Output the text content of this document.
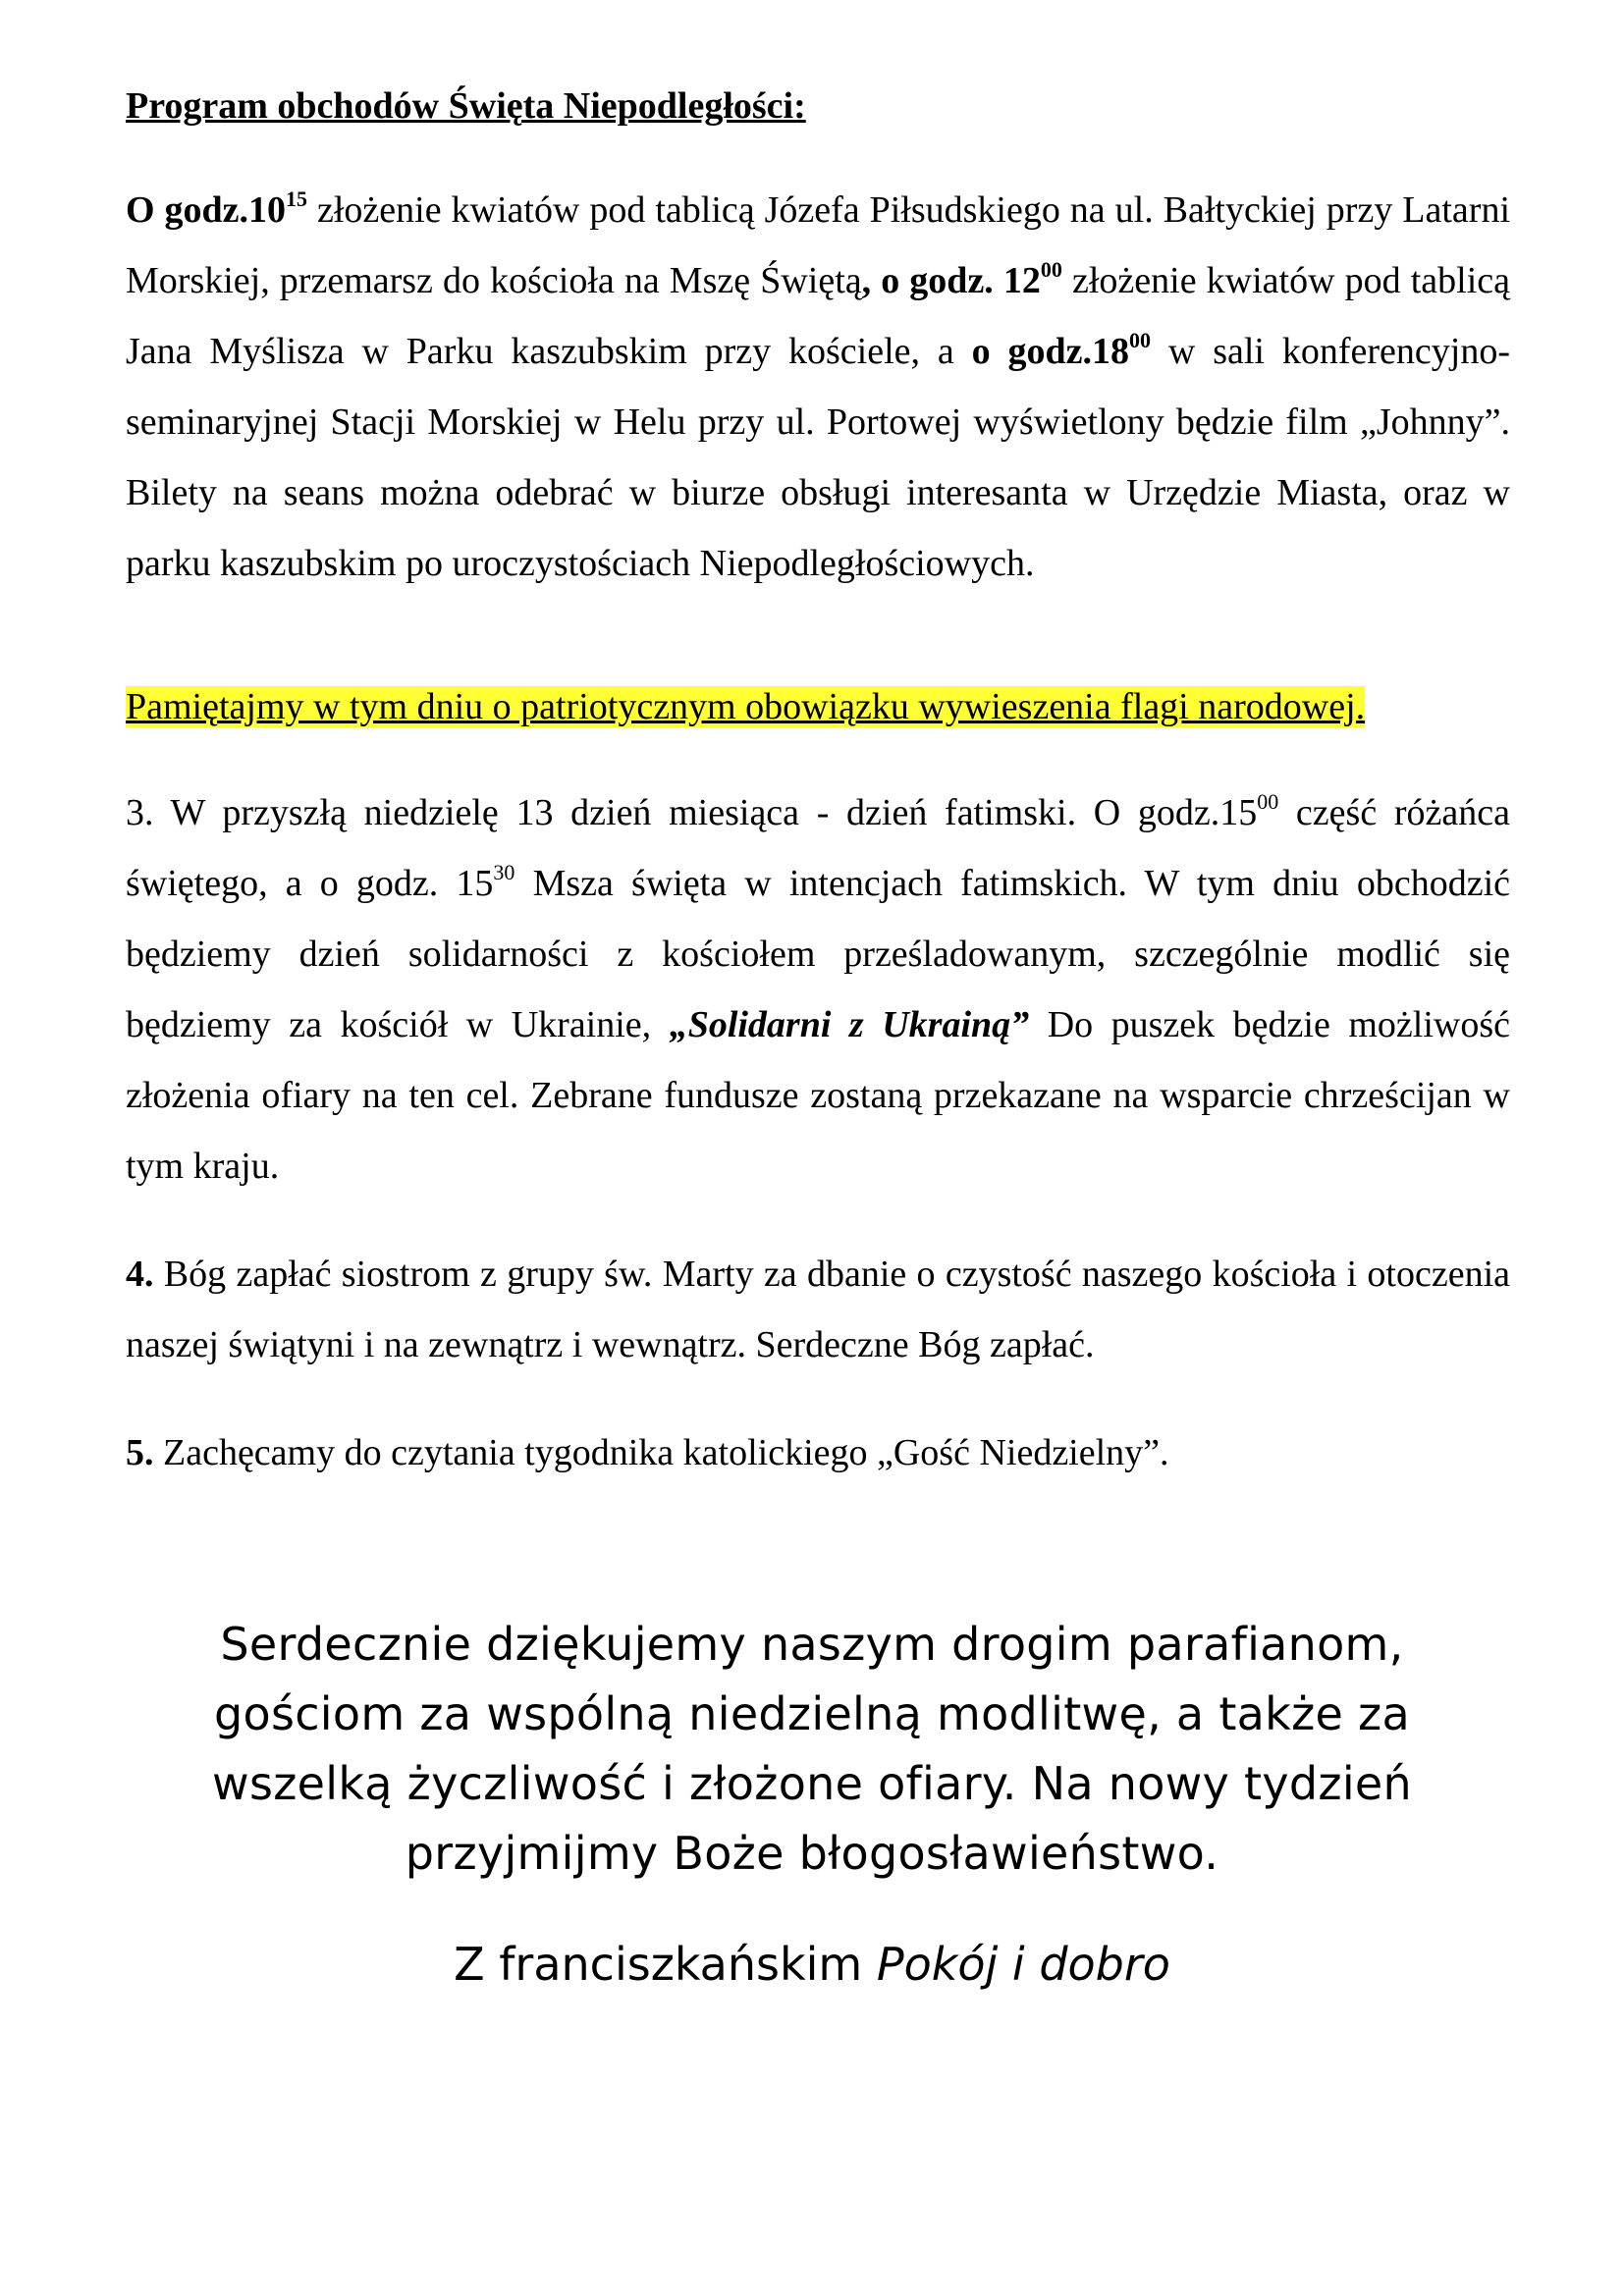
Program obchodów Święta Niepodległości:

O $godz.10^{15}$ złożenie kwiatów pod tablicą Józefa Piłsudskiego na ul. Bałtyckiej przy Latarni Morskiej, przemarsz do kościoła na Mszę Świętą, o godz. $12^{00}$ złożenie kwiatów pod tablicą Jana Myślisza w Parku kaszubskim przy kościele, a o $godz.18^{00}$ w sali konferencyjno-seminaryjnej Stacji Morskiej w Helu przy ul. Portowej wyświetlony będzie film „Johnny”. Bilety na seans można odebrać w biurze obsługi interesanta w Urzędzie Miasta, oraz w parku kaszubskim po uroczystościach Niepodległościowych.

Pamiętajmy w tym dniu o patriotycznym obowiązku wywieszenia flagi narodowej.

3. W przyszłą niedzielę 13 dzień miesiąca - dzień fatimski. O $godz.15^{00}$ część różańca świętego, a o godz. $15^{30}$ Msza święta w intencjach fatimskich. W tym dniu obchodzić będziemy dzień solidarności z kościołem prześladowanym, szczególnie modlić się będziemy za kościół w Ukrainie, „Solidarni z Ukrainą” Do puszek będzie możliwość złożenia ofiary na ten cel. Zebrane fundusze zostaną przekazane na wsparcie chrześcijan w tym kraju.

4. Bóg zapłać siostrom z grupy św. Marty za dbanie o czystość naszego kościoła i otoczenia naszej świątyni i na zewnątrz i wewnątrz. Serdeczne Bóg zapłać.

5. Zachęcamy do czytania tygodnika katolickiego „Gość Niedzielny”.

Serdecznie dziękujemy naszym drogim parafianom,
gościom za wspólną niedzielną modlitwę, a także za
wszelką życzliwość i złożone ofiary. Na nowy tydzień
przyjmijmy Boże błogosławieństwo.
Z franciszkańskim Pokój i dobro
